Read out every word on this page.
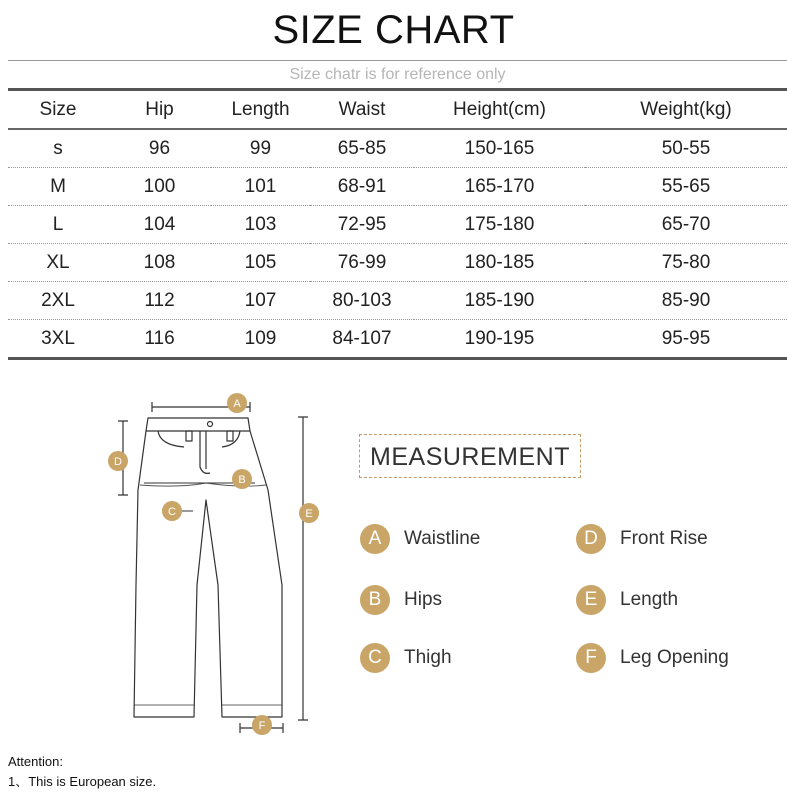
SIZE CHART
Size chatr is for reference only
Size	Hip	Length	Waist	Height(cm)	Weight(kg)
s	96	99	65-85	150-165	50-55
M	100	101	68-91	165-170	55-65
L	104	103	72-95	175-180	65-70
XL	108	105	76-99	180-185	75-80
2XL	112	107	80-103	185-190	85-90
3XL	116	109	84-107	190-195	95-95
A
B
C
D
E
F
MEASUREMENT
A	Waistline	D	Front Rise
B	Hips	E	Length
C	Thigh	F	Leg Opening
Attention:
1、This is European size.
